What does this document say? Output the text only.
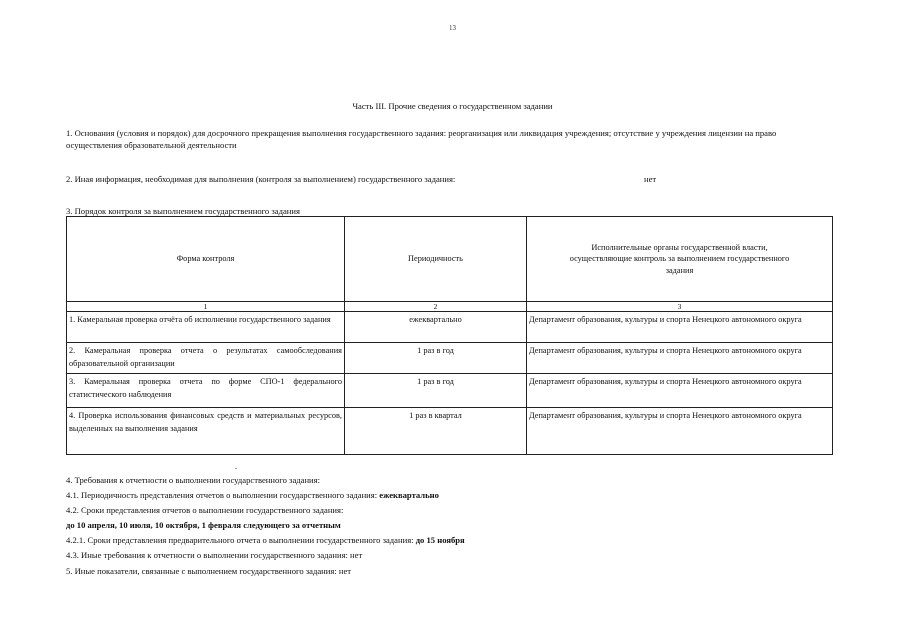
13
Часть III. Прочие сведения о государственном задании
1. Основания (условия и порядок) для досрочного прекращения выполнения государственного задания: реорганизация или ликвидация учреждения; отсутствие у учреждения лицензии на право осуществления образовательной деятельности
2. Иная информация, необходимая для выполнения (контроля за выполнением) государственного задания:	нет
3. Порядок контроля за выполнением государственного задания
Форма контроля	Периодичность	Исполнительные органы государственной власти, осуществляющие контроль за выполнением государственного задания

1	2	3
1. Камеральная проверка отчёта об исполнении государственного задания	ежеквартально	Департамент образования, культуры и спорта Ненецкого автономного округа
2. Камеральная проверка отчета о результатах самообследования образовательной организации	1 раз в год	Департамент образования, культуры и спорта Ненецкого автономного округа
3. Камеральная проверка отчета по форме СПО-1 федерального статистического наблюдения	1 раз в год	Департамент образования, культуры и спорта Ненецкого автономного округа
4. Проверка использования финансовых средств и материальных ресурсов, выделенных на выполнения задания	1 раз в квартал	Департамент образования, культуры и спорта Ненецкого автономного округа
4. Требования к отчетности о выполнении государственного задания:
4.1. Периодичность представления отчетов о выполнении государственного задания: ежеквартально
4.2. Сроки представления отчетов о выполнении государственного задания:
до 10 апреля, 10 июля, 10 октября, 1 февраля следующего за отчетным
4.2.1. Сроки представления предварительного отчета о выполнении государственного задания: до 15 ноября
4.3. Иные требования к отчетности о выполнении государственного задания: нет
5. Иные показатели, связанные с выполнением государственного задания: нет
